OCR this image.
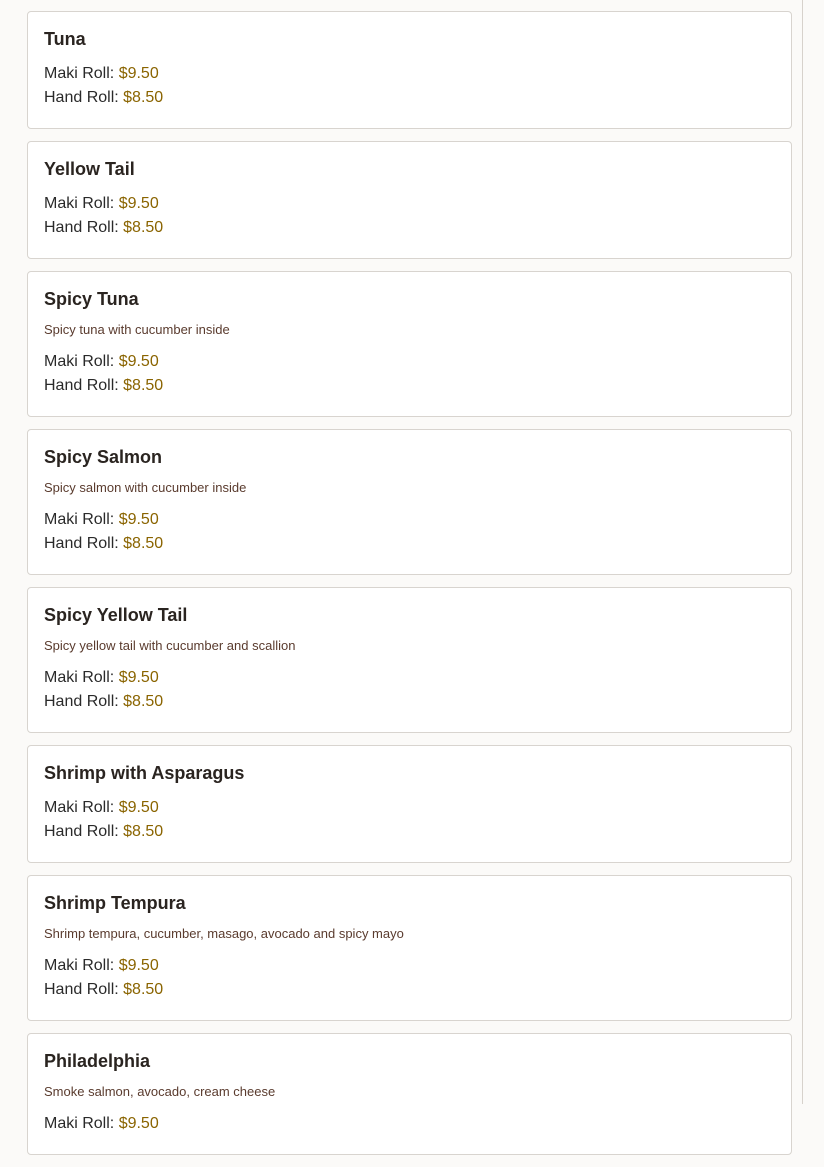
Tuna
Maki Roll: $9.50
Hand Roll: $8.50
Yellow Tail
Maki Roll: $9.50
Hand Roll: $8.50
Spicy Tuna
Spicy tuna with cucumber inside
Maki Roll: $9.50
Hand Roll: $8.50
Spicy Salmon
Spicy salmon with cucumber inside
Maki Roll: $9.50
Hand Roll: $8.50
Spicy Yellow Tail
Spicy yellow tail with cucumber and scallion
Maki Roll: $9.50
Hand Roll: $8.50
Shrimp with Asparagus
Maki Roll: $9.50
Hand Roll: $8.50
Shrimp Tempura
Shrimp tempura, cucumber, masago, avocado and spicy mayo
Maki Roll: $9.50
Hand Roll: $8.50
Philadelphia
Smoke salmon, avocado, cream cheese
Maki Roll: $9.50
